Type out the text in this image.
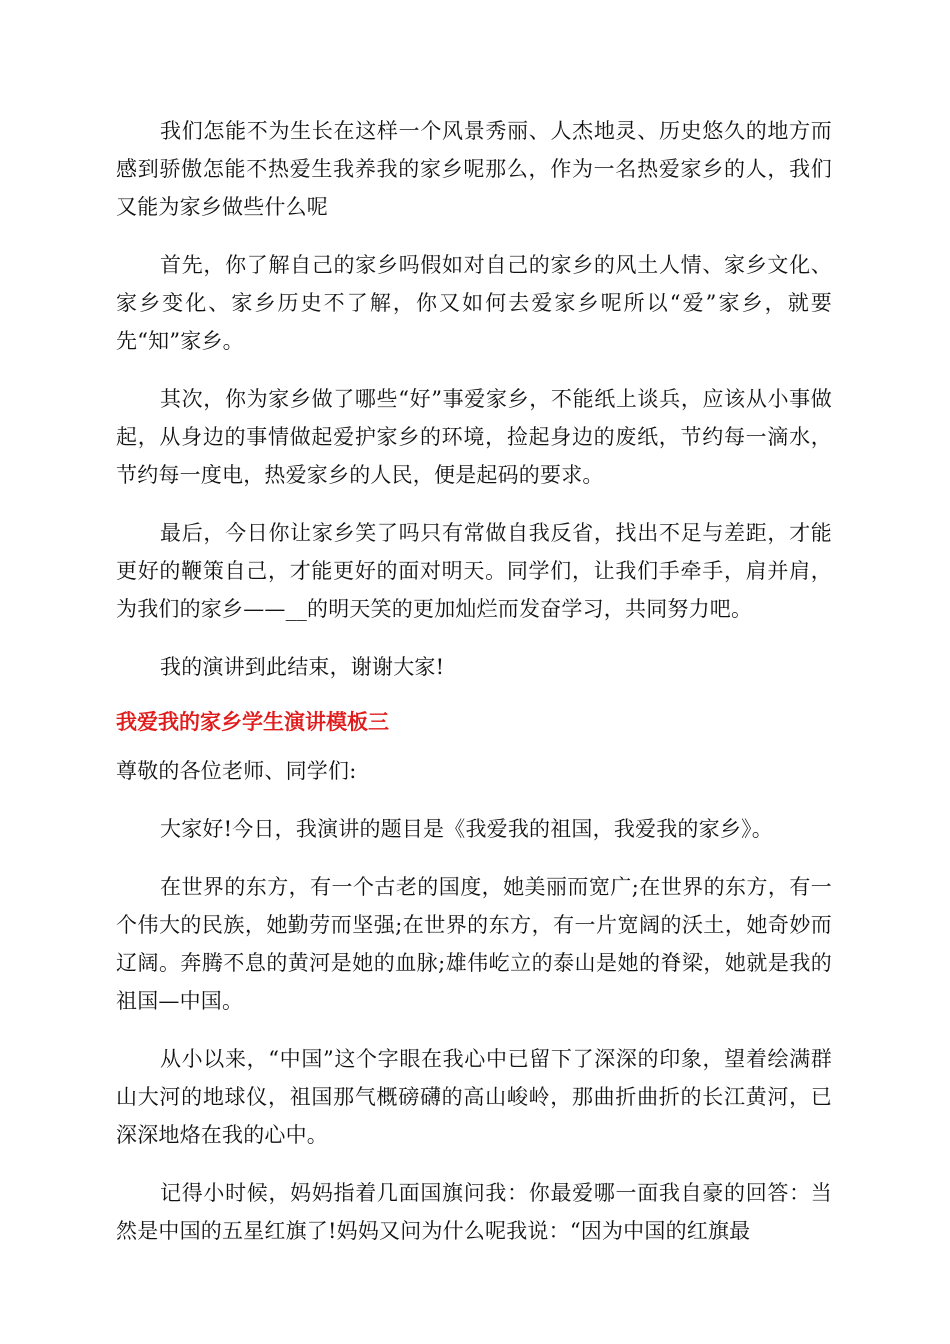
我们怎能不为生长在这样一个风景秀丽、人杰地灵、历史悠久的地方而感到骄傲怎能不热爱生我养我的家乡呢那么，作为一名热爱家乡的人，我们又能为家乡做些什么呢

首先，你了解自己的家乡吗假如对自己的家乡的风土人情、家乡文化、家乡变化、家乡历史不了解，你又如何去爱家乡呢所以“爱”家乡，就要先“知”家乡。

其次，你为家乡做了哪些“好”事爱家乡，不能纸上谈兵，应该从小事做起，从身边的事情做起爱护家乡的环境，捡起身边的废纸，节约每一滴水，节约每一度电，热爱家乡的人民，便是起码的要求。

最后，今日你让家乡笑了吗只有常做自我反省，找出不足与差距，才能更好的鞭策自己，才能更好的面对明天。同学们，让我们手牵手，肩并肩，为我们的家乡——__的明天笑的更加灿烂而发奋学习，共同努力吧。

我的演讲到此结束，谢谢大家!

我爱我的家乡学生演讲模板三

尊敬的各位老师、同学们:

大家好!今日，我演讲的题目是《我爱我的祖国，我爱我的家乡》。

在世界的东方，有一个古老的国度，她美丽而宽广;在世界的东方，有一个伟大的民族，她勤劳而坚强;在世界的东方，有一片宽阔的沃土，她奇妙而辽阔。奔腾不息的黄河是她的血脉;雄伟屹立的泰山是她的脊梁，她就是我的祖国—中国。

从小以来，“中国”这个字眼在我心中已留下了深深的印象，望着绘满群山大河的地球仪，祖国那气概磅礴的高山峻岭，那曲折曲折的长江黄河，已深深地烙在我的心中。

记得小时候，妈妈指着几面国旗问我：你最爱哪一面我自豪的回答：当然是中国的五星红旗了!妈妈又问为什么呢我说：“因为中国的红旗最
